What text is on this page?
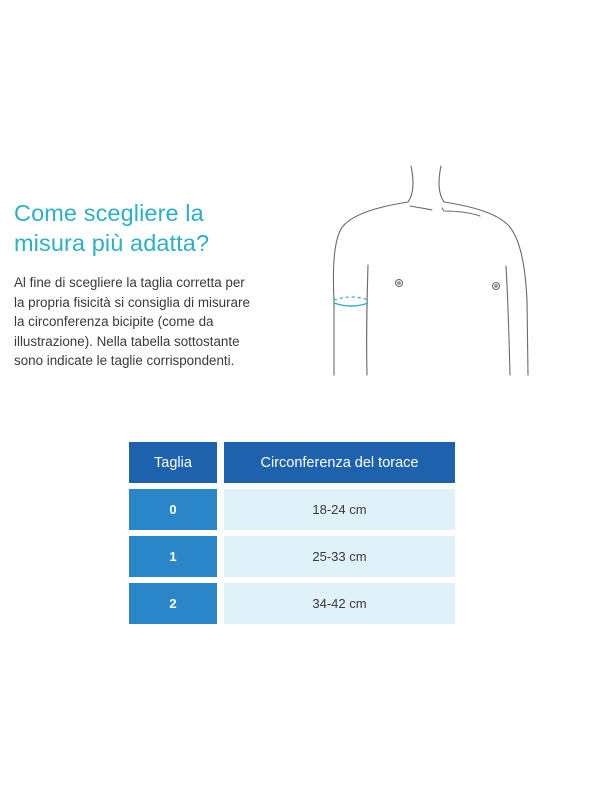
Come scegliere la
misura più adatta?

Al fine di scegliere la taglia corretta per
la propria fisicità si consiglia di misurare
la circonferenza bicipite (come da
illustrazione). Nella tabella sottostante
sono indicate le taglie corrispondenti.

Taglia	Circonferenza del torace
0	18-24 cm
1	25-33 cm
2	34-42 cm
